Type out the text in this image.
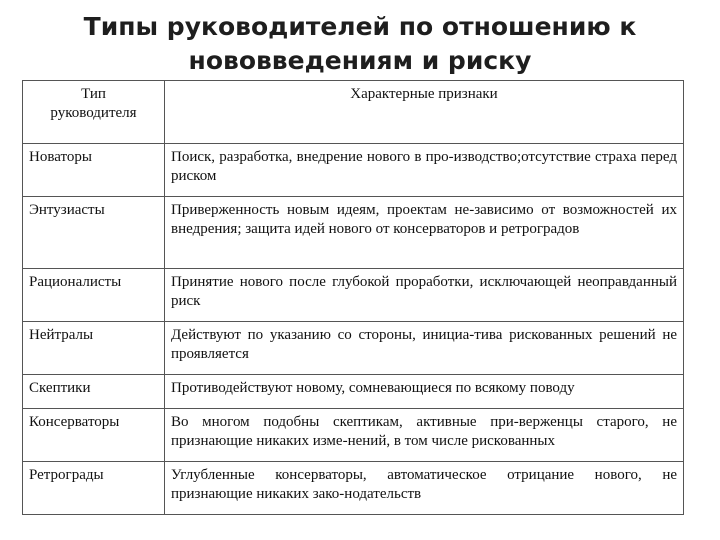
Типы руководителей по отношению к
нововведениям и риску
Тип
руководителя	Характерные признаки
Новаторы	Поиск, разработка, внедрение нового в про-изводство;отсутствие страха перед риском
Энтузиасты	Приверженность новым идеям, проектам не-зависимо от возможностей их внедрения; защита идей нового от консерваторов и ретроградов
Рационалисты	Принятие нового после глубокой проработки, исключающей неоправданный риск
Нейтралы	Действуют по указанию со стороны, инициа-тива рискованных решений не проявляется
Скептики	Противодействуют новому, сомневающиеся по всякому поводу
Консерваторы	Во многом подобны скептикам, активные при-верженцы старого, не признающие никаких изме-нений, в том числе рискованных
Ретрограды	Углубленные консерваторы, автоматическое отрицание нового, не признающие никаких зако-нодательств
